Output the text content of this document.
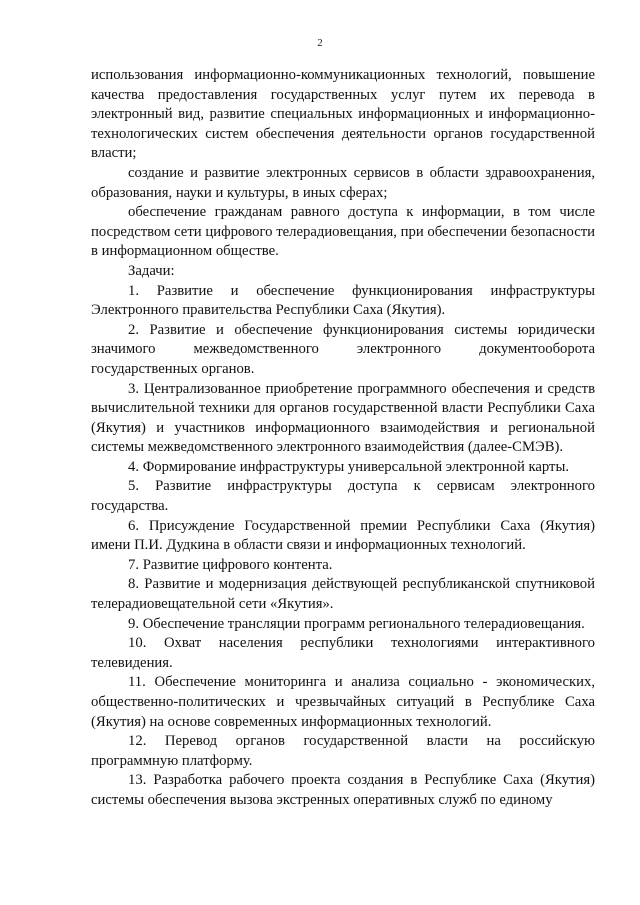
2

использования информационно-коммуникационных технологий, повышение качества предоставления государственных услуг путем их перевода в электронный вид, развитие специальных информационных и информационно-технологических систем обеспечения деятельности органов государственной власти;

создание и развитие электронных сервисов в области здравоохранения, образования, науки и культуры, в иных сферах;

обеспечение гражданам равного доступа к информации, в том числе посредством сети цифрового телерадиовещания, при обеспечении безопасности в информационном обществе.

Задачи:

1. Развитие и обеспечение функционирования инфраструктуры Электронного правительства Республики Саха (Якутия).

2. Развитие и обеспечение функционирования системы юридически значимого межведомственного электронного документооборота государственных органов.

3. Централизованное приобретение программного обеспечения и средств вычислительной техники для органов государственной власти Республики Саха (Якутия) и участников информационного взаимодействия и региональной системы межведомственного электронного взаимодействия (далее-СМЭВ).

4. Формирование инфраструктуры универсальной электронной карты.

5. Развитие инфраструктуры доступа к сервисам электронного государства.

6. Присуждение Государственной премии Республики Саха (Якутия) имени П.И. Дудкина в области связи и информационных технологий.

7. Развитие цифрового контента.

8. Развитие и модернизация действующей республиканской спутниковой телерадиовещательной сети «Якутия».

9. Обеспечение трансляции программ регионального телерадиовещания.

10. Охват населения республики технологиями интерактивного телевидения.

11. Обеспечение мониторинга и анализа социально - экономических, общественно-политических и чрезвычайных ситуаций в Республике Саха (Якутия) на основе современных информационных технологий.

12. Перевод органов государственной власти на российскую программную платформу.

13. Разработка рабочего проекта создания в Республике Саха (Якутия) системы обеспечения вызова экстренных оперативных служб по единому
